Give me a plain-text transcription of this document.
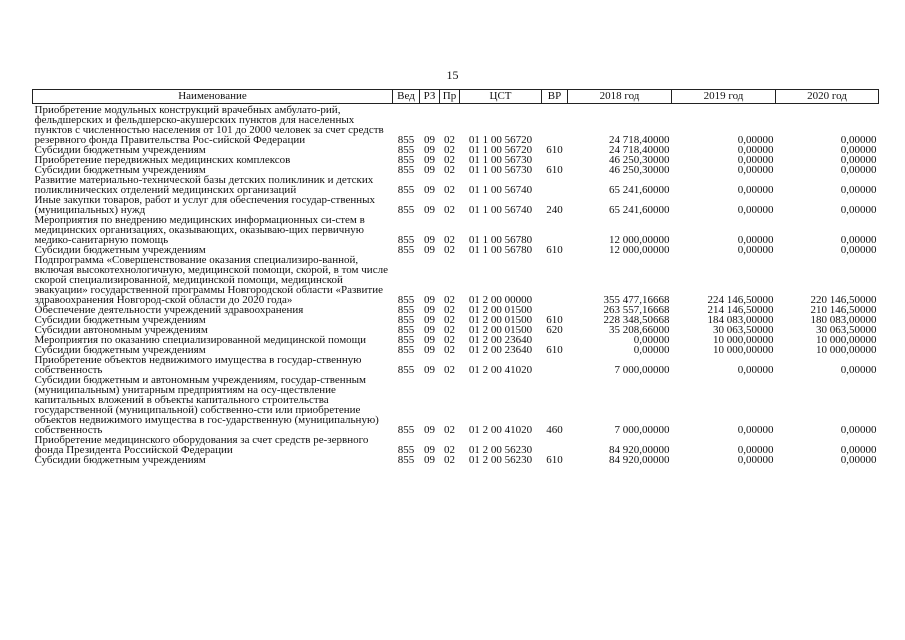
15
Наименование	Вед	РЗ	Пр	ЦСТ	ВР	2018 год	2019 год	2020 год
Приобретение модульных конструкций врачебных амбулато-рий, фельдшерских и фельдшерско-акушерских пунктов для населенных пунктов с численностью населения от 101 до 2000 человек за счет средств резервного фонда Правительства Рос-сийской Федерации	855	09	02	01 1 00 56720		24 718,40000	0,00000	0,00000
Субсидии бюджетным учреждениям	855	09	02	01 1 00 56720	610	24 718,40000	0,00000	0,00000
Приобретение передвижных медицинских комплексов	855	09	02	01 1 00 56730		46 250,30000	0,00000	0,00000
Субсидии бюджетным учреждениям	855	09	02	01 1 00 56730	610	46 250,30000	0,00000	0,00000
Развитие материально-технической базы детских поликлиник и детских поликлинических отделений медицинских организаций	855	09	02	01 1 00 56740		65 241,60000	0,00000	0,00000
Иные закупки товаров, работ и услуг для обеспечения государ-ственных (муниципальных) нужд	855	09	02	01 1 00 56740	240	65 241,60000	0,00000	0,00000
Мероприятия по внедрению медицинских информационных си-стем в медицинских организациях, оказывающих, оказываю-щих первичную медико-санитарную помощь	855	09	02	01 1 00 56780		12 000,00000	0,00000	0,00000
Субсидии бюджетным учреждениям	855	09	02	01 1 00 56780	610	12 000,00000	0,00000	0,00000
Подпрограмма «Совершенствование оказания специализиро-ванной, включая высокотехнологичную, медицинской помощи, скорой, в том числе скорой специализированной, медицинской помощи, медицинской эвакуации» государственной программы Новгородской области «Развитие здравоохранения Новгород-ской области до 2020 года»	855	09	02	01 2 00 00000		355 477,16668	224 146,50000	220 146,50000
Обеспечение деятельности учреждений здравоохранения	855	09	02	01 2 00 01500		263 557,16668	214 146,50000	210 146,50000
Субсидии бюджетным учреждениям	855	09	02	01 2 00 01500	610	228 348,50668	184 083,00000	180 083,00000
Субсидии автономным учреждениям	855	09	02	01 2 00 01500	620	35 208,66000	30 063,50000	30 063,50000
Мероприятия по оказанию специализированной медицинской помощи	855	09	02	01 2 00 23640		0,00000	10 000,00000	10 000,00000
Субсидии бюджетным учреждениям	855	09	02	01 2 00 23640	610	0,00000	10 000,00000	10 000,00000
Приобретение объектов недвижимого имущества в государ-ственную собственность	855	09	02	01 2 00 41020		7 000,00000	0,00000	0,00000
Субсидии бюджетным и автономным учреждениям, государ-ственным (муниципальным) унитарным предприятиям на осу-ществление капитальных вложений в объекты капитального строительства государственной (муниципальной) собственно-сти или приобретение объектов недвижимого имущества в гос-ударственную (муниципальную) собственность	855	09	02	01 2 00 41020	460	7 000,00000	0,00000	0,00000
Приобретение медицинского оборудования за счет средств ре-зервного фонда Президента Российской Федерации	855	09	02	01 2 00 56230		84 920,00000	0,00000	0,00000
Субсидии бюджетным учреждениям	855	09	02	01 2 00 56230	610	84 920,00000	0,00000	0,00000
